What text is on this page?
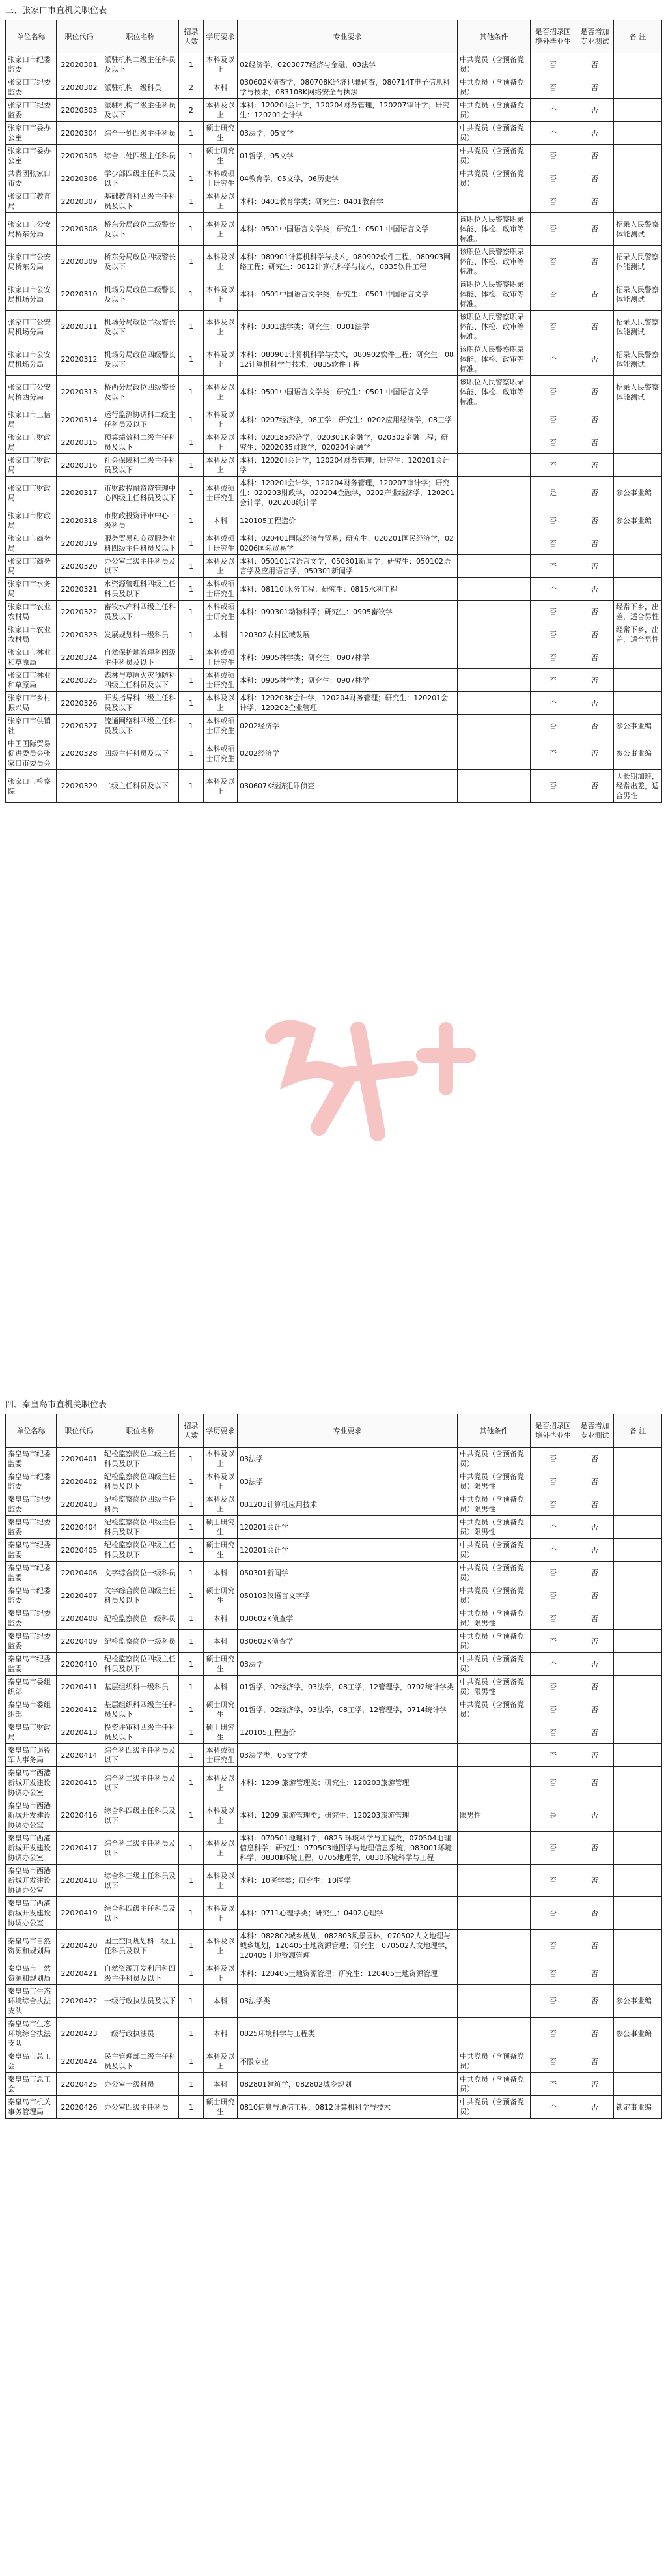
三、张家口市直机关职位表
单位名称	职位代码	职位名称	招录人数	学历要求	专业要求	其他条件	是否招录国境外毕业生	是否增加专业测试	备 注
张家口市纪委监委	22020301	派驻机构二级主任科员及以下	1	本科及以上	02经济学，0203077经济与金融，03法学	中共党员（含预备党员）	否	否	
张家口市纪委监委	22020302	派驻机构一级科员	2	本科	030602K侦查学，080708K经济犯罪侦查，080714T电子信息科学与技术，083108K网络安全与执法	中共党员（含预备党员）	否	否	
张家口市纪委监委	22020303	派驻机构二级主任科员及以下	2	本科及以上	本科：12020Ⅱ会计学，120204财务管理，120207审计学；研究生：120201会计学	中共党员（含预备党员）	否	否	
张家口市委办公室	22020304	综合一处四级主任科员	1	硕士研究生	03法学，05文学	中共党员（含预备党员）	否	否	
张家口市委办公室	22020305	综合二处四级主任科员	1	硕士研究生	01哲学，05文学	中共党员（含预备党员）	否	否	
共青团张家口市委	22020306	学少部四级主任科员及以下	1	本科或硕士研究生	04教育学，05文学，06历史学	中共党员（含预备党员）	否	否	
张家口市教育局	22020307	基础教育科四级主任科员及以下	1	本科及以上	本科：0401教育学类；研究生：0401教育学		否	否	
张家口市公安局桥东分局	22020308	桥东分局政位二级警长及以下	1	本科及以上	本科：0501中国语言文学类；研究生：0501 中国语言文学	该职位人民警察职录体能、体检、政审等标准。	否	否	招录人民警察体能测试
张家口市公安局桥东分局	22020309	桥东分局政位四级警长及以下	1	本科及以上	本科：080901计算机科学与技术，080902软件工程，080903网络工程；研究生：0812计算机科学与技术，0835软件工程	该职位人民警察职录体能、体检、政审等标准。	否	否	招录人民警察体能测试
张家口市公安局机场分局	22020310	机场分局政位二级警长及以下	1	本科及以上	本科：0501中国语言文学类；研究生：0501 中国语言文学	该职位人民警察职录体能、体检、政审等标准。	否	否	招录人民警察体能测试
张家口市公安局机场分局	22020311	机场分局政位二级警长及以下	1	本科及以上	本科：0301法学类；研究生：0301法学	该职位人民警察职录体能、体检、政审等标准。	否	否	招录人民警察体能测试
张家口市公安局机场分局	22020312	机场分局政位四级警长及以下	1	本科及以上	本科：080901计算机科学与技术，080902软件工程；研究生：0812计算机科学与技术，0835软件工程	该职位人民警察职录体能、体检、政审等标准。	否	否	招录人民警察体能测试
张家口市公安局桥西分局	22020313	桥西分局政位四级警长及以下	1	本科及以上	本科：0501中国语言文学类；研究生：0501 中国语言文学	该职位人民警察职录体能、体检、政审等标准。	否	否	招录人民警察体能测试
张家口市工信局	22020314	运行监测协调科二级主任科员及以下	1	本科及以上	本科：0207经济学，08工学；研究生：0202应用经济学，08工学		否	否	
张家口市财政局	22020315	预算绩效科二级主任科员及以下	1	本科及以上	本科：020185经济学，020301K金融学，020302金融工程；研究生：0202035财政学，020204金融学		否	否	
张家口市财政局	22020316	社会保障科二级主任科员及以下	1	本科及以上	本科：12020Ⅱ会计学，120204财务管理；研究生：120201会计学		否	否	
张家口市财政局	22020317	市财政投融资资管理中心四级主任科员及以下	1	本科或硕士研究生	本科：12020Ⅱ会计学，120204财务管理，120207审计学；研究生：020203财政学，020204金融学，0202产业经济学，120201会计学，020208统计学		是	否	参公事业编
张家口市财政局	22020318	市财政投资评审中心一级科员	1	本科	120105工程造价		否	否	参公事业编
张家口市商务局	22020319	服务贸易和商贸服务业科四级主任科员及以下	1	本科或硕士研究生	本科：020401国际经济与贸易；研究生：020201国民经济学，020206国际贸易学		否	否	
张家口市商务局	22020320	办公室二级主任科员及以下	1	本科及以上	本科：050101汉语言文学，050301新闻学；研究生：050102语言学及应用语言学，050301新闻学		否	否	
张家口市水务局	22020321	水资源管理科四级主任科员及以下	1	本科或硕士研究生	本科：08110Ⅰ水务工程；研究生：0815水利工程		否	否	
张家口市农业农村局	22020322	畜牧水产科四级主任科员及以下	1	本科或硕士研究生	本科：090301动物科学；研究生：0905畜牧学		否	否	经常下乡，出差，适合男性
张家口市农业农村局	22020323	发展规划科一级科员	1	本科	120302农村区域发展		否	否	经常下乡，出差，适合男性
张家口市林业和草原局	22020324	自然保护地管理科四级主任科员及以下	1	本科或硕士研究生	本科：0905林学类；研究生：0907林学		否	否	
张家口市林业和草原局	22020325	森林与草原火灾预防科四级主任科员及以下	1	本科或硕士研究生	本科：0905林学类；研究生：0907林学		否	否	
张家口市乡村振兴局	22020326	开发指导科二级主任科员及以下	1	本科及以上	本科：120203K会计学，120204财务管理；研究生：120201会计学，120202企业管理		否	否	
张家口市供销社	22020327	流通网络科四级主任科员及以下	1	本科或硕士研究生	0202经济学		否	否	参公事业编
中国国际贸易促进委员会张家口市委员会	22020328	四级主任科员及以下	1	本科或硕士研究生	0202经济学		否	否	参公事业编
张家口市检察院	22020329	二级主任科员及以下	1	本科及以上	030607K经济犯罪侦查		否	否	因长期加班，经常出差，适合男性
四、秦皇岛市直机关职位表
单位名称	职位代码	职位名称	招录人数	学历要求	专业要求	其他条件	是否招录国境外毕业生	是否增加专业测试	备 注
秦皇岛市纪委监委	22020401	纪检监察岗位二级主任科员及以下	1	本科及以上	03法学	中共党员（含预备党员）	否	否	
秦皇岛市纪委监委	22020402	纪检监察岗位四级主任科员及以下	1	本科及以上	03法学	中共党员（含预备党员）限男性	否	否	
秦皇岛市纪委监委	22020403	纪检监察岗位四级主任科员	1	本科及以上	081203计算机应用技术	中共党员（含预备党员）限男性	否	否	
秦皇岛市纪委监委	22020404	纪检监察岗位四级主任科员及以下	1	硕士研究生	120201会计学	中共党员（含预备党员）限男性	否	否	
秦皇岛市纪委监委	22020405	纪检监察岗位四级主任科员及以下	1	硕士研究生	120201会计学	中共党员（含预备党员）	否	否	
秦皇岛市纪委监委	22020406	文字综合岗位一级科员	1	本科	050301新闻学	中共党员（含预备党员）	否	否	
秦皇岛市纪委监委	22020407	文字综合岗位四级主任科员及以下	1	硕士研究生	050103汉语言文字学	中共党员（含预备党员）	否	否	
秦皇岛市纪委监委	22020408	纪检监察岗位一级科员	1	本科	030602K侦查学	中共党员（含预备党员）限男性	否	否	
秦皇岛市纪委监委	22020409	纪检监察岗位一级科员	1	本科	030602K侦查学	中共党员（含预备党员）	否	否	
秦皇岛市纪委监委	22020410	纪检监察岗位四级主任科员及以下	1	硕士研究生	03法学	中共党员（含预备党员）	否	否	
秦皇岛市委组织部	22020411	基层组织科一级科员	1	本科	01哲学，02经济学，03法学，08工学，12管理学，0702统计学类	中共党员（含预备党员）限男性	否	否	
秦皇岛市委组织部	22020412	基层组织科四级主任科员及以下	1	硕士研究生	01哲学，02经济学，03法学，08工学，12管理学，0714统计学	中共党员（含预备党员）	否	否	
秦皇岛市财政局	22020413	投资评审科四级主任科员及以下	1	硕士研究生	120105工程造价		否	否	
秦皇岛市退役军人事务局	22020414	综合科四级主任科员及以下	1	本科或硕士研究生	03法学类，05文学类		否	否	
秦皇岛市西港新城开发建设协调办公室	22020415	综合科二级主任科员及以下	1	本科及以上	本科：1209 旅游管理类；研究生：120203旅游管理		否	否	
秦皇岛市西港新城开发建设协调办公室	22020416	综合科四级主任科员及以下	1	本科及以上	本科：1209 旅游管理类；研究生：120203旅游管理	限男性	是	否	
秦皇岛市西港新城开发建设协调办公室	22020417	综合科二级主任科员及以下	1	本科及以上	本科：070501地理科学，0825 环境科学与工程类，070504地理信息科学；研究生：070503地图学与地理信息系统，083001环境科学，0830Ⅱ环境工程，0705地理学，0830环境科学与工程		否	否	
秦皇岛市西港新城开发建设协调办公室	22020418	综合科三级主任科员及以下	1	本科及以上	本科：10医学类；研究生：10医学		否	否	
秦皇岛市西港新城开发建设协调办公室	22020419	综合科四级主任科员及以下	1	本科及以上	本科：0711心理学类；研究生：0402心理学		否	否	
秦皇岛市自然资源和规划局	22020420	国土空间规划科二级主任科员及以下	1	本科及以上	本科：082802城乡规划，082803风景园林，070502人文地理与城乡规划，120405土地资源管理；研究生：070502人文地理学，120405土地资源管理		否	否	
秦皇岛市自然资源和规划局	22020421	自然资源开发利用科四级主任科员及以下	1	本科及以上	本科：120405土地资源管理；研究生：120405土地资源管理		否	否	
秦皇岛市生态环境综合执法支队	22020422	一级行政执法员及以下	1	本科	03法学类		否	否	参公事业编
秦皇岛市生态环境综合执法支队	22020423	一级行政执法员	1	本科	0825环境科学与工程类		否	否	参公事业编
秦皇岛市总工会	22020424	民主管理部二级主任科员及以下	1	本科及以上	不限专业	中共党员（含预备党员）	否	否	
秦皇岛市总工会	22020425	办公室一级科员	1	本科	082801建筑学，082802城乡规划	中共党员（含预备党员）	否	否	
秦皇岛市机关事务管理局	22020426	办公室四级主任科员	1	硕士研究生	0810信息与通信工程，0812计算机科学与技术	中共党员（含预备党员）	否	否	锁定事业编
